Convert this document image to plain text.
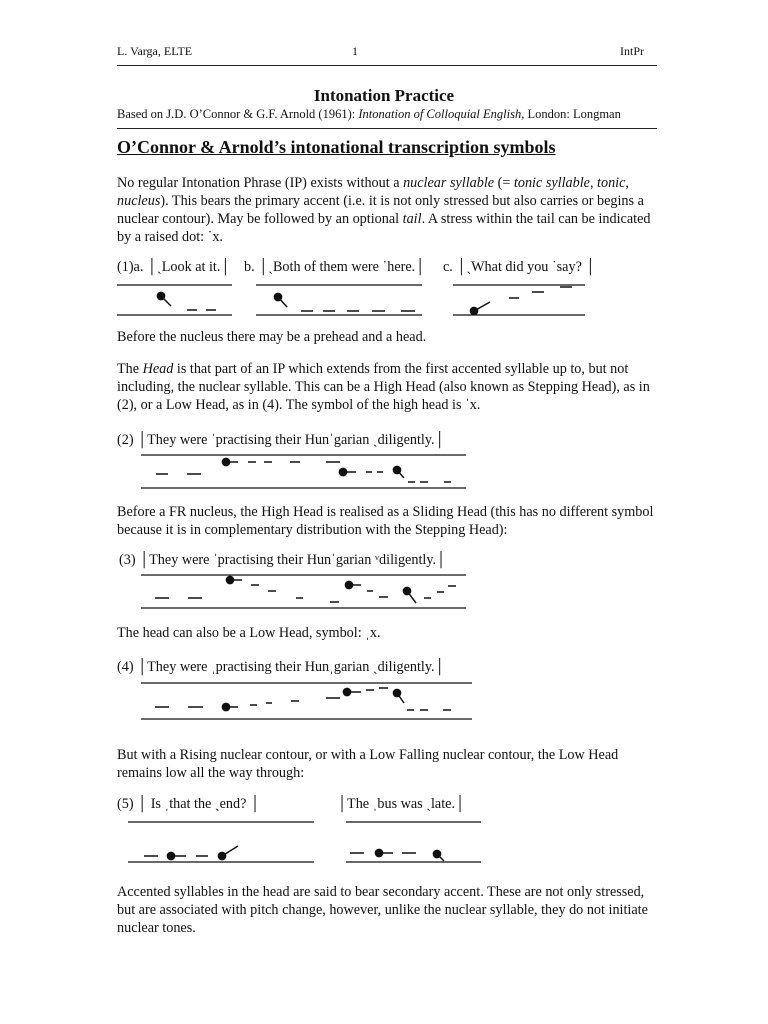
L. Varga, ELTE	1	IntPr
Intonation Practice
Based on J.D. O’Connor & G.F. Arnold (1961): Intonation of Colloquial English, London: Longman
O’Connor & Arnold’s intonational transcription symbols
No regular Intonation Phrase (IP) exists without a nuclear syllable (= tonic syllable, tonic, nucleus). This bears the primary accent (i.e. it is not only stressed but also carries or begins a nuclear contour). May be followed by an optional tail. A stress within the tail can be indicated by a raised dot: ˙x.
(1)a. │ˎLook at it.│ b. │ˎBoth of them were ˙here.│ c. │ˏWhat did you ˙say? │
Before the nucleus there may be a prehead and a head.
The Head is that part of an IP which extends from the first accented syllable up to, but not including, the nuclear syllable. This can be a High Head (also known as Stepping Head), as in (2), or a Low Head, as in (4). The symbol of the high head is ˈx.
(2) │They were ˈpractising their Hunˈgarian ˎdiligently.│
Before a FR nucleus, the High Head is realised as a Sliding Head (this has no different symbol because it is in complementary distribution with the Stepping Head):
(3) │They were ˈpractising their Hunˈgarian ᵛdiligently.│
The head can also be a Low Head, symbol: ˌx.
(4) │They were ˌpractising their Hunˌgarian ˎdiligently.│
But with a Rising nuclear contour, or with a Low Falling nuclear contour, the Low Head remains low all the way through:
(5) │ Is ˌthat the ˏend? │	│The ˌbus was ˎlate.│
Accented syllables in the head are said to bear secondary accent. These are not only stressed, but are associated with pitch change, however, unlike the nuclear syllable, they do not initiate nuclear tones.
